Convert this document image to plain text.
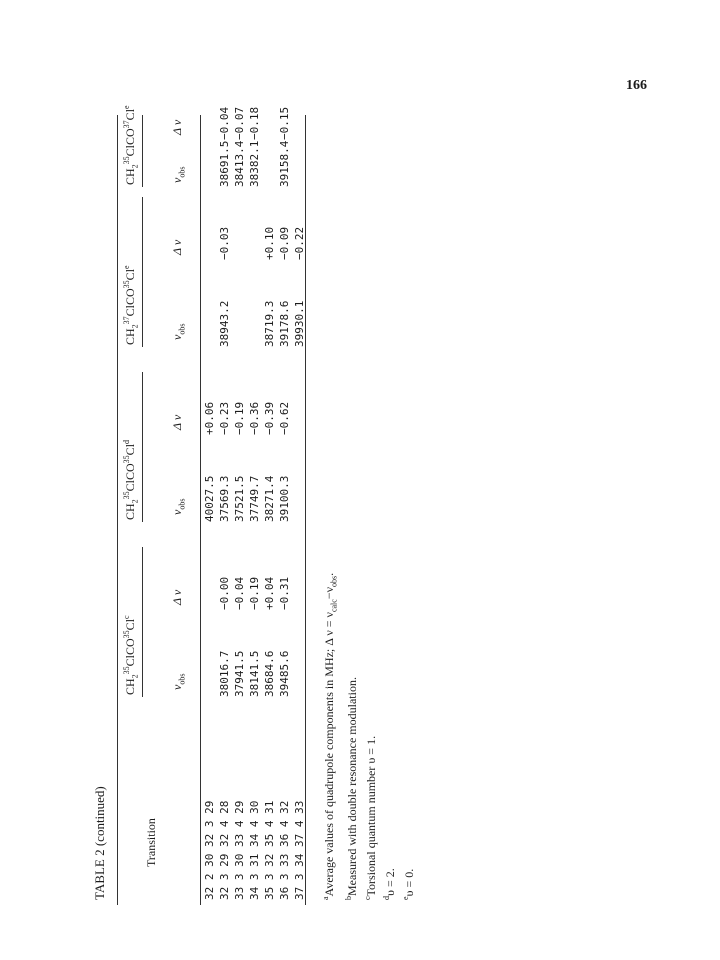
166
TABLE 2 (continued)
$CH_2^{35}ClCO^{35}Cl^c$
$CH_2^{35}ClCO^{35}Cl^d$
$CH_2^{37}ClCO^{35}Cl^e$
$CH_2^{35}ClCO^{37}Cl^e$
Transition
$\nu_{obs}$
Δ ν
$\nu_{obs}$
Δ ν
$\nu_{obs}$
Δ ν
$\nu_{obs}$
Δ ν
32 2 30 32 3 29 32 3 29 32 4 28 33 3 30 33 4 29 34 3 31 34 4 30 35 3 32 35 4 31 36 3 33 36 4 32 37 3 34 37 4 33
38016.7
−0.00
37941.5
−0.04
38141.5
−0.19
38684.6
+0.04
39485.6
−0.31
40027.5
+0.06
37569.3
−0.23
37521.5
−0.19
37749.7
−0.36
38271.4
−0.39
39100.3
−0.62
38943.2
−0.03
38719.3
+0.10
39178.6
−0.09
39930.1
−0.22
38691.5
−0.04
38413.4
−0.07
38382.1
−0.18
39158.4
−0.15
$^a$Average values of quadrupole components in MHz; Δ $\nu = \nu_{calc}-\nu_{obs}$.
$^b$Measured with double resonance modulation.
$^c$Torsional quantum number υ = 1.
$^d$υ = 2.
$^e$υ = 0.
